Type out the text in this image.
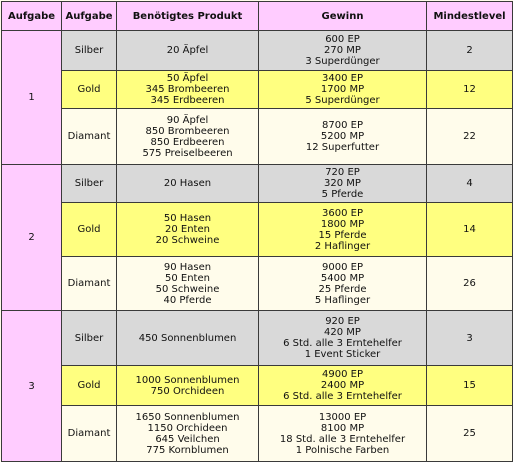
Aufgabe	Aufgabe	Benötigtes Produkt	Gewinn	Mindestlevel
1	Silber	20 Äpfel	600 EP
270 MP
3 Superdünger	2
	Gold	50 Äpfel
345 Brombeeren
345 Erdbeeren	3400 EP
1700 MP
5 Superdünger	12
	Diamant	90 Äpfel
850 Brombeeren
850 Erdbeeren
575 Preiselbeeren	8700 EP
5200 MP
12 Superfutter	22
2	Silber	20 Hasen	720 EP
320 MP
5 Pferde	4
	Gold	50 Hasen
20 Enten
20 Schweine	3600 EP
1800 MP
15 Pferde
2 Haflinger	14
	Diamant	90 Hasen
50 Enten
50 Schweine
40 Pferde	9000 EP
5400 MP
25 Pferde
5 Haflinger	26
3	Silber	450 Sonnenblumen	920 EP
420 MP
6 Std. alle 3 Erntehelfer
1 Event Sticker	3
	Gold	1000 Sonnenblumen
750 Orchideen	4900 EP
2400 MP
6 Std. alle 3 Erntehelfer	15
	Diamant	1650 Sonnenblumen
1150 Orchideen
645 Veilchen
775 Kornblumen	13000 EP
8100 MP
18 Std. alle 3 Erntehelfer
1 Polnische Farben	25
